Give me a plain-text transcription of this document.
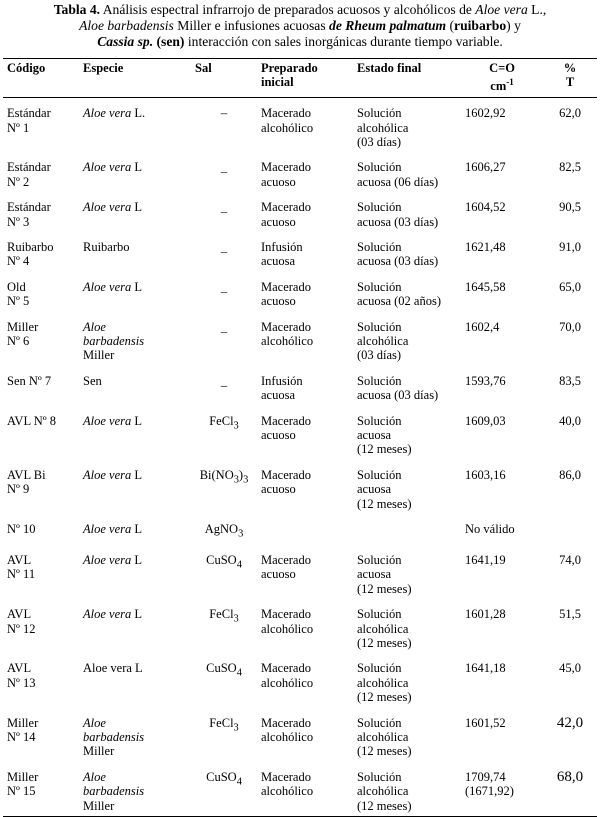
Tabla 4. Análisis espectral infrarrojo de preparados acuosos y alcohólicos de Aloe vera L.,
Aloe barbadensis Miller e infusiones acuosas de Rheum palmatum (ruibarbo) y
Cassia sp. (sen) interacción con sales inorgánicas durante tiempo variable.
Código	Especie	Sal	Preparado
inicial	Estado final	C=O
$cm^{-1}$	%
T

Estándar
Nº 1	Aloe vera L.	–	Macerado
alcohólico	Solución
alcohólica
(03 días)	1602,92	62,0

Estándar
Nº 2	Aloe vera L	_	Macerado
acuoso	Solución
acuosa (06 días)	1606,27	82,5

Estándar
Nº 3	Aloe vera L	_	Macerado
acuoso	Solución
acuosa (03 días)	1604,52	90,5

Ruibarbo
Nº 4	Ruibarbo	_	Infusión
acuosa	Solución
acuosa (03 días)	1621,48	91,0

Old
Nº 5	Aloe vera L	_	Macerado
acuoso	Solución
acuosa (02 años)	1645,58	65,0

Miller
Nº 6	Aloe
barbadensis
Miller	_	Macerado
alcohólico	Solución
alcohólica
(03 días)	1602,4	70,0

Sen Nº 7	Sen	_	Infusión
acuosa	Solución
acuosa (03 días)	1593,76	83,5

AVL Nº 8	Aloe vera L	FeCl$_3$	Macerado
acuoso	Solución
acuosa
(12 meses)	1609,03	40,0

AVL Bi
Nº 9	Aloe vera L	$Bi(NO_3)_3$	Macerado
acuoso	Solución
acuosa
(12 meses)	1603,16	86,0

Nº 10	Aloe vera L	AgNO$_3$			No válido	

AVL
Nº 11	Aloe vera L	CuSO$_4$	Macerado
acuoso	Solución
acuosa
(12 meses)	1641,19	74,0

AVL
Nº 12	Aloe vera L	FeCl$_3$	Macerado
alcohólico	Solución
alcohólica
(12 meses)	1601,28	51,5

AVL
Nº 13	Aloe vera L	CuSO$_4$	Macerado
alcohólico	Solución
alcohólica
(12 meses)	1641,18	45,0

Miller
Nº 14	Aloe
barbadensis
Miller	FeCl$_3$	Macerado
alcohólico	Solución
alcohólica
(12 meses)	1601,52	42,0

Miller
Nº 15	Aloe
barbadensis
Miller	CuSO$_4$	Macerado
alcohólico	Solución
alcohólica
(12 meses)	1709,74
(1671,92)	68,0
